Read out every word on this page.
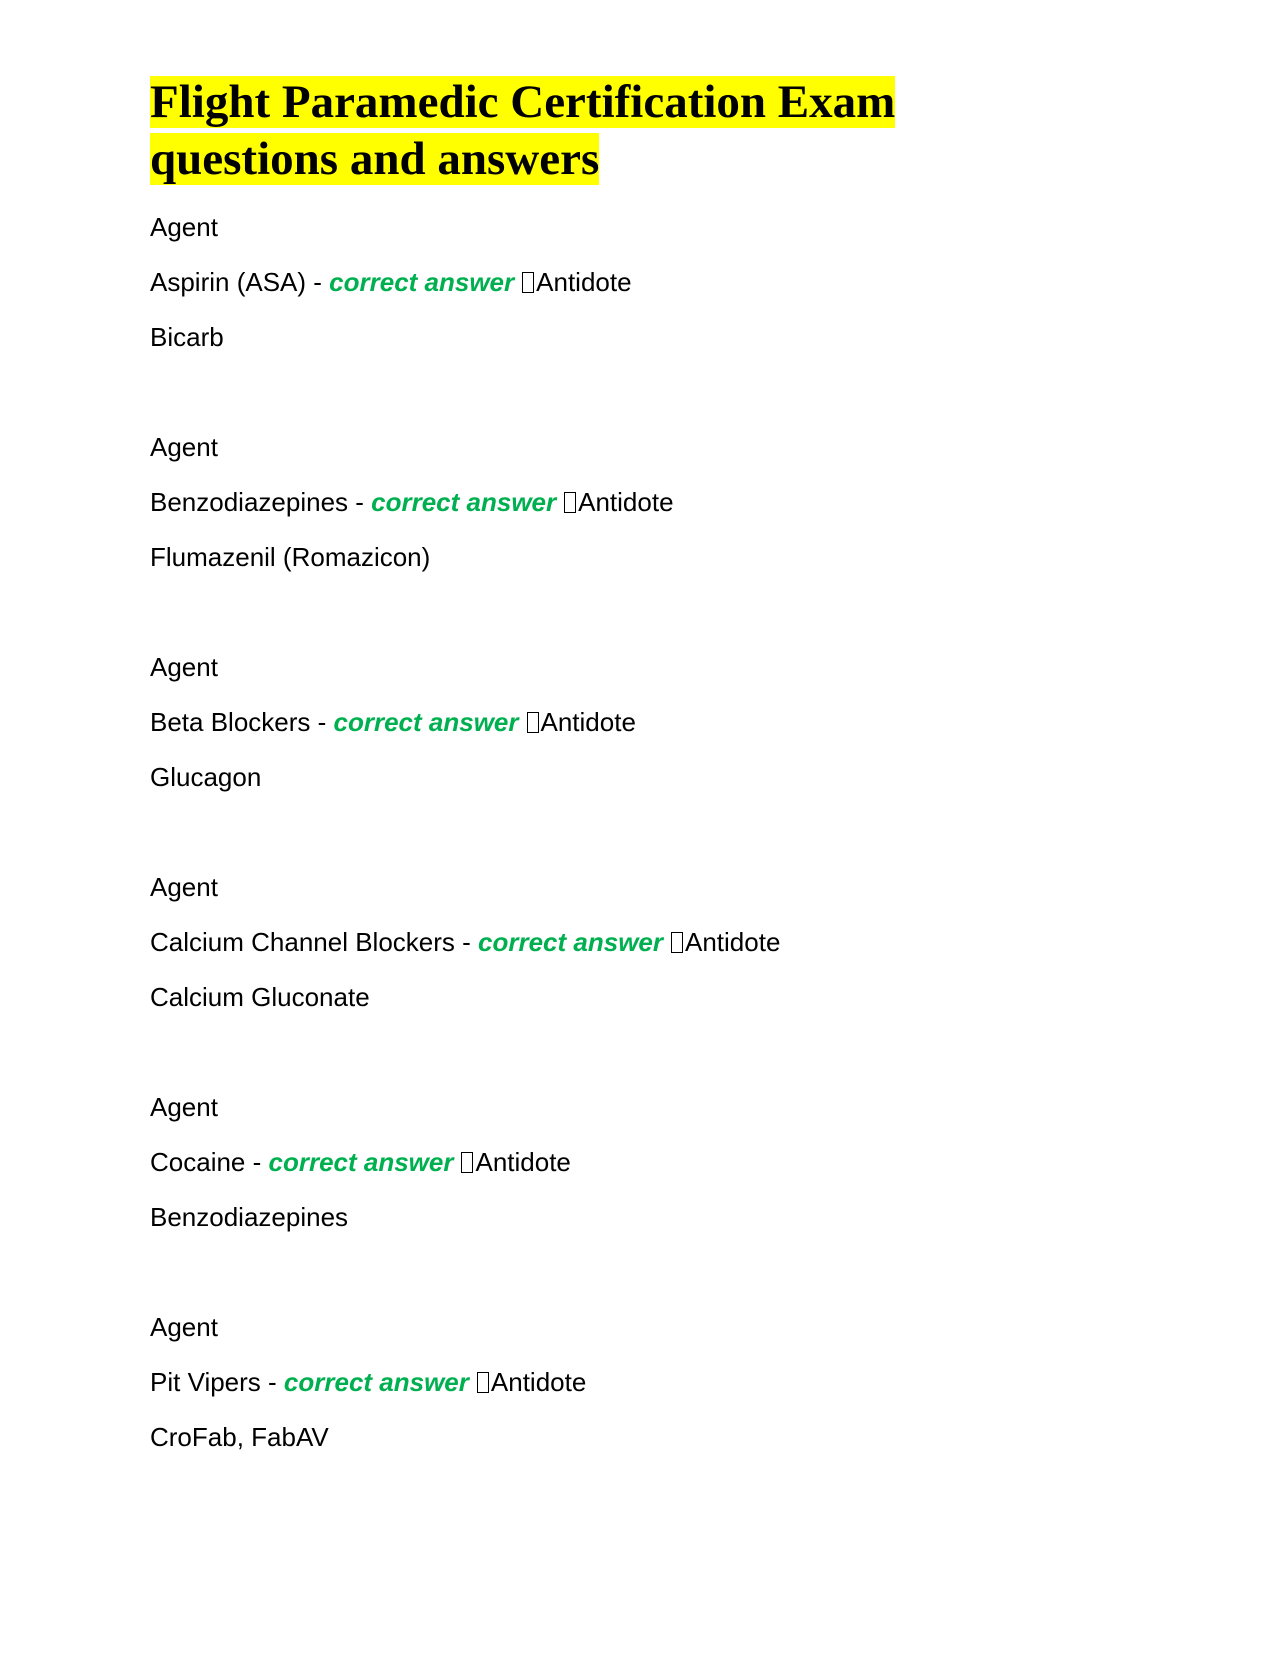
Flight Paramedic Certification Exam questions and answers
Agent
Aspirin (ASA) - correct answer Antidote
Bicarb
Agent
Benzodiazepines - correct answer Antidote
Flumazenil (Romazicon)
Agent
Beta Blockers - correct answer Antidote
Glucagon
Agent
Calcium Channel Blockers - correct answer Antidote
Calcium Gluconate
Agent
Cocaine - correct answer Antidote
Benzodiazepines
Agent
Pit Vipers - correct answer Antidote
CroFab, FabAV
